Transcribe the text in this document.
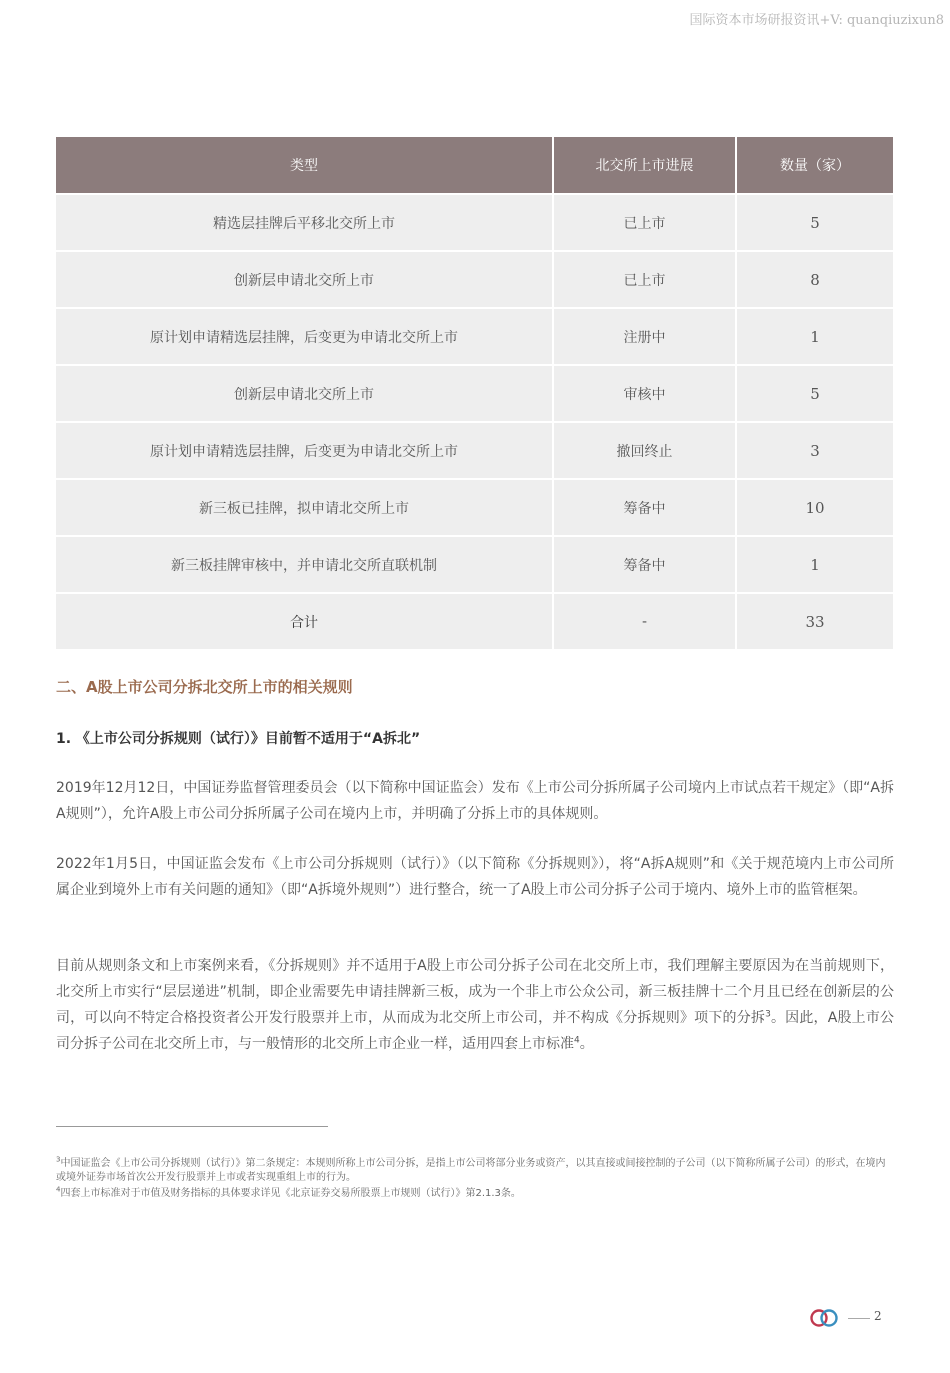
国际资本市场研报资讯+V: quanqiuzixun8
类型	北交所上市进展	数量（家）
精选层挂牌后平移北交所上市	已上市	5
创新层申请北交所上市	已上市	8
原计划申请精选层挂牌，后变更为申请北交所上市	注册中	1
创新层申请北交所上市	审核中	5
原计划申请精选层挂牌，后变更为申请北交所上市	撤回终止	3
新三板已挂牌，拟申请北交所上市	筹备中	10
新三板挂牌审核中，并申请北交所直联机制	筹备中	1
合计	-	33
二、A股上市公司分拆北交所上市的相关规则
1. 《上市公司分拆规则（试行）》目前暂不适用于“A拆北”

2019年12月12日，中国证券监督管理委员会（以下简称中国证监会）发布《上市公司分拆所属子公司境内上市试点若干规定》（即“A拆A规则”），允许A股上市公司分拆所属子公司在境内上市，并明确了分拆上市的具体规则。

2022年1月5日，中国证监会发布《上市公司分拆规则（试行）》（以下简称《分拆规则》），将“A拆A规则”和《关于规范境内上市公司所属企业到境外上市有关问题的通知》（即“A拆境外规则”）进行整合，统一了A股上市公司分拆子公司于境内、境外上市的监管框架。

目前从规则条文和上市案例来看，《分拆规则》并不适用于A股上市公司分拆子公司在北交所上市，我们理解主要原因为在当前规则下，北交所上市实行“层层递进”机制，即企业需要先申请挂牌新三板，成为一个非上市公众公司，新三板挂牌十二个月且已经在创新层的公司，可以向不特定合格投资者公开发行股票并上市，从而成为北交所上市公司，并不构成《分拆规则》项下的分拆$^3$。因此，A股上市公司分拆子公司在北交所上市，与一般情形的北交所上市企业一样，适用四套上市标准$^4$。

$^3$中国证监会《上市公司分拆规则（试行）》第二条规定：本规则所称上市公司分拆，是指上市公司将部分业务或资产，以其直接或间接控制的子公司（以下简称所属子公司）的形式，在境内或境外证券市场首次公开发行股票并上市或者实现重组上市的行为。

$^4$四套上市标准对于市值及财务指标的具体要求详见《北京证券交易所股票上市规则（试行）》第2.1.3条。

2
